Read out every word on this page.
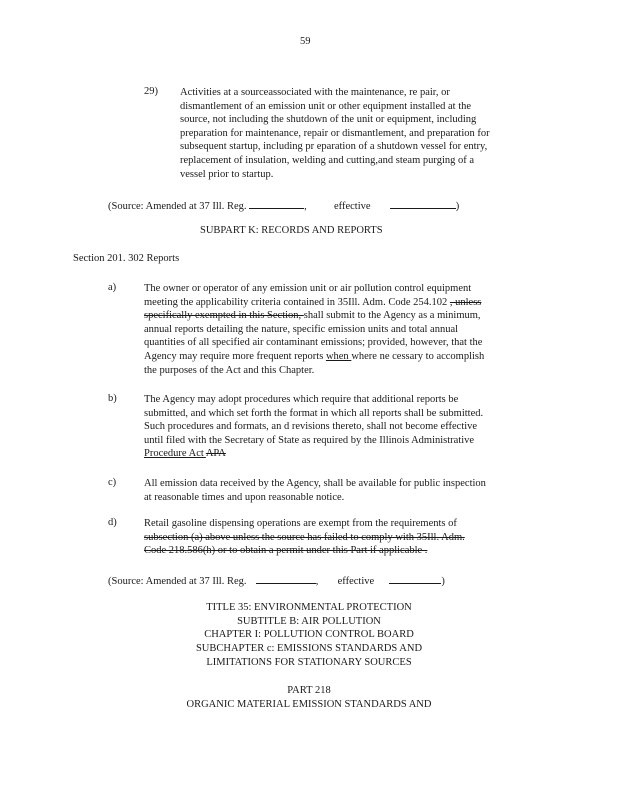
59
29) Activities at a sourceassociated with the maintenance, re pair, or
dismantlement of an emission unit or other equipment installed at the
source, not including the shutdown of the unit or equipment, including
preparation for maintenance, repair or dismantlement, and preparation for
subsequent startup, including pr eparation of a shutdown vessel for entry,
replacement of insulation, welding and cutting,and steam purging of a
vessel prior to startup.
(Source: Amended at 37 Ill. Reg.	,	effective	)
SUBPART K: RECORDS AND REPORTS
Section 201. 302 Reports
a)	The owner or operator of any emission unit or air pollution control equipment
meeting the applicability criteria contained in 35Ill. Adm. Code 254.102 , unless
specifically exempted in this Section, shall submit to the Agency as a minimum,
annual reports detailing the nature, specific emission units and total annual
quantities of all specified air contaminant emissions; provided, however, that the
Agency may require more frequent reports when where ne cessary to accomplish
the purposes of the Act and this Chapter.
b)	The Agency may adopt procedures which require that additional reports be
submitted, and which set forth the format in which all reports shall be submitted.
Such procedures and formats, an d revisions thereto, shall not become effective
until filed with the Secretary of State as required by the Illinois Administrative
Procedure Act APA
c)	All emission data received by the Agency, shall be available for public inspection
at reasonable times and upon reasonable notice.
d)	Retail gasoline dispensing operations are exempt from the requirements of
subsection (a) above unless the source has failed to comply with 35Ill. Adm.
Code 218.586(h) or to obtain a permit under this Part if applicable .
(Source: Amended at 37 Ill. Reg.	, effective	)
TITLE 35: ENVIRONMENTAL PROTECTION
SUBTITLE B: AIR POLLUTION
CHAPTER I: POLLUTION CONTROL BOARD
SUBCHAPTER c: EMISSIONS STANDARDS AND
LIMITATIONS FOR STATIONARY SOURCES
PART 218
ORGANIC MATERIAL EMISSION STANDARDS AND
